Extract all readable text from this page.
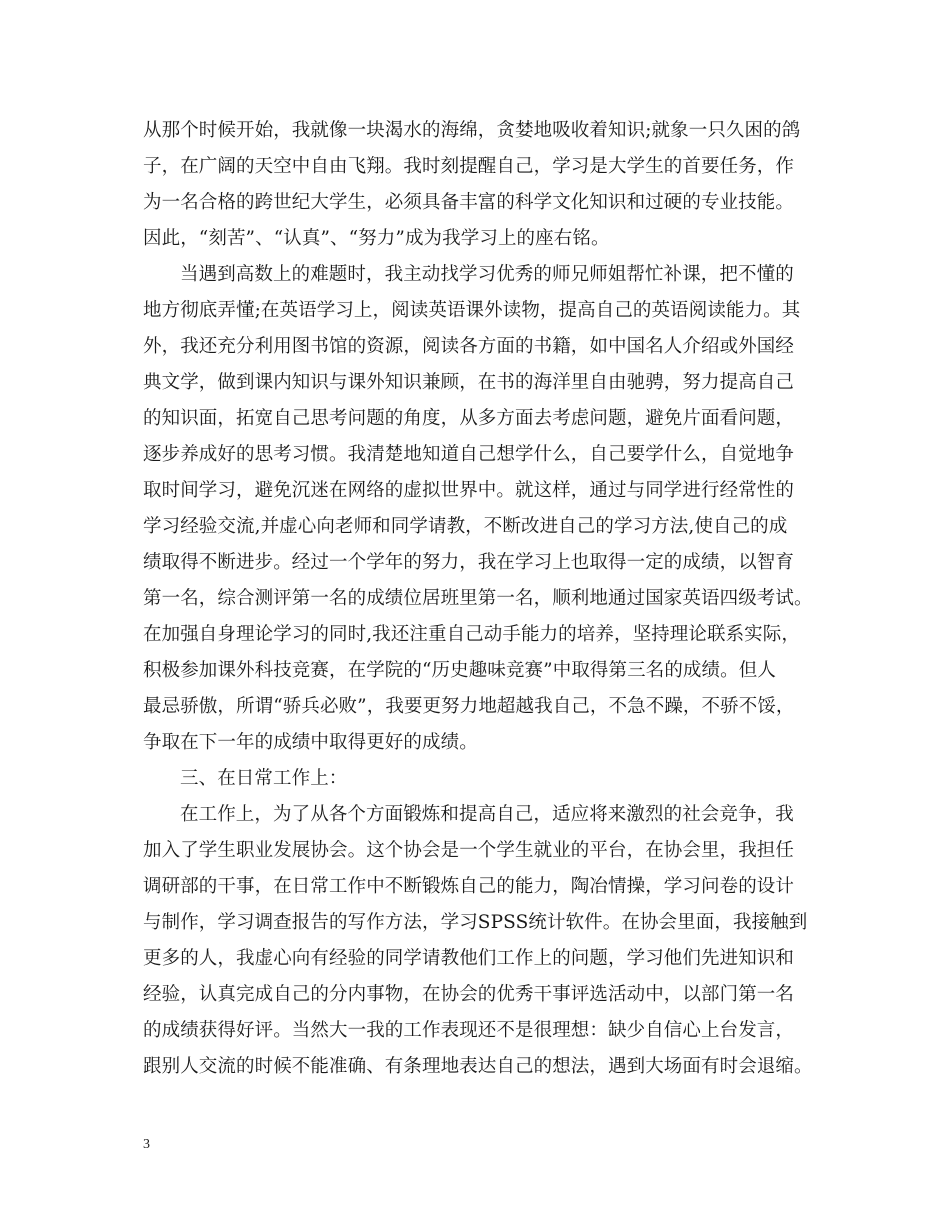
从那个时候开始，我就像一块渴水的海绵，贪婪地吸收着知识;就象一只久困的鸽
子，在广阔的天空中自由飞翔。我时刻提醒自己，学习是大学生的首要任务，作
为一名合格的跨世纪大学生，必须具备丰富的科学文化知识和过硬的专业技能。
因此，“刻苦”、“认真”、“努力”成为我学习上的座右铭。
当遇到高数上的难题时，我主动找学习优秀的师兄师姐帮忙补课，把不懂的
地方彻底弄懂;在英语学习上，阅读英语课外读物，提高自己的英语阅读能力。其
外，我还充分利用图书馆的资源，阅读各方面的书籍，如中国名人介绍或外国经
典文学，做到课内知识与课外知识兼顾，在书的海洋里自由驰骋，努力提高自己
的知识面，拓宽自己思考问题的角度，从多方面去考虑问题，避免片面看问题，
逐步养成好的思考习惯。我清楚地知道自己想学什么，自己要学什么，自觉地争
取时间学习，避免沉迷在网络的虚拟世界中。就这样，通过与同学进行经常性的
学习经验交流,并虚心向老师和同学请教，不断改进自己的学习方法,使自己的成
绩取得不断进步。经过一个学年的努力，我在学习上也取得一定的成绩，以智育
第一名，综合测评第一名的成绩位居班里第一名，顺利地通过国家英语四级考试。
在加强自身理论学习的同时,我还注重自己动手能力的培养，坚持理论联系实际，
积极参加课外科技竞赛，在学院的“历史趣味竞赛”中取得第三名的成绩。但人
最忌骄傲，所谓“骄兵必败”，我要更努力地超越我自己，不急不躁，不骄不馁，
争取在下一年的成绩中取得更好的成绩。
三、在日常工作上：
在工作上，为了从各个方面锻炼和提高自己，适应将来激烈的社会竞争，我
加入了学生职业发展协会。这个协会是一个学生就业的平台，在协会里，我担任
调研部的干事，在日常工作中不断锻炼自己的能力，陶冶情操，学习问卷的设计
与制作，学习调查报告的写作方法，学习SPSS统计软件。在协会里面，我接触到
更多的人，我虚心向有经验的同学请教他们工作上的问题，学习他们先进知识和
经验，认真完成自己的分内事物，在协会的优秀干事评选活动中，以部门第一名
的成绩获得好评。当然大一我的工作表现还不是很理想：缺少自信心上台发言，
跟别人交流的时候不能准确、有条理地表达自己的想法，遇到大场面有时会退缩。
3
